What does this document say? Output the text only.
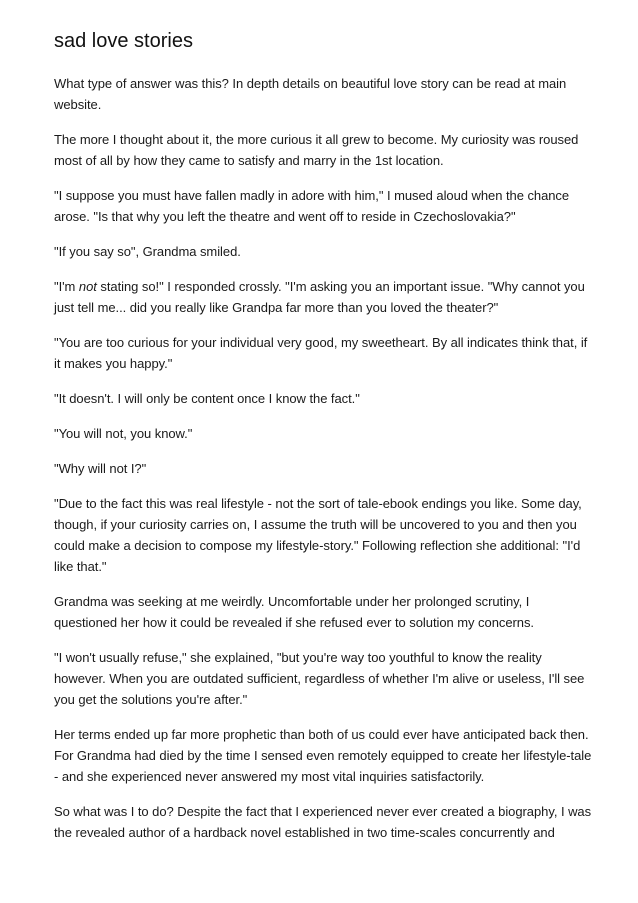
sad love stories

What type of answer was this? In depth details on beautiful love story can be read at main website.

The more I thought about it, the more curious it all grew to become. My curiosity was roused most of all by how they came to satisfy and marry in the 1st location.

"I suppose you must have fallen madly in adore with him," I mused aloud when the chance arose. "Is that why you left the theatre and went off to reside in Czechoslovakia?"

"If you say so", Grandma smiled.

"I'm not stating so!" I responded crossly. "I'm asking you an important issue. "Why cannot you just tell me... did you really like Grandpa far more than you loved the theater?"

"You are too curious for your individual very good, my sweetheart. By all indicates think that, if it makes you happy."

"It doesn't. I will only be content once I know the fact."

"You will not, you know."

"Why will not I?"

"Due to the fact this was real lifestyle - not the sort of tale-ebook endings you like. Some day, though, if your curiosity carries on, I assume the truth will be uncovered to you and then you could make a decision to compose my lifestyle-story." Following reflection she additional: "I'd like that."

Grandma was seeking at me weirdly. Uncomfortable under her prolonged scrutiny, I questioned her how it could be revealed if she refused ever to solution my concerns.

"I won't usually refuse," she explained, "but you're way too youthful to know the reality however. When you are outdated sufficient, regardless of whether I'm alive or useless, I'll see you get the solutions you're after."

Her terms ended up far more prophetic than both of us could ever have anticipated back then. For Grandma had died by the time I sensed even remotely equipped to create her lifestyle-tale - and she experienced never answered my most vital inquiries satisfactorily.

So what was I to do? Despite the fact that I experienced never ever created a biography, I was the revealed author of a hardback novel established in two time-scales concurrently and
